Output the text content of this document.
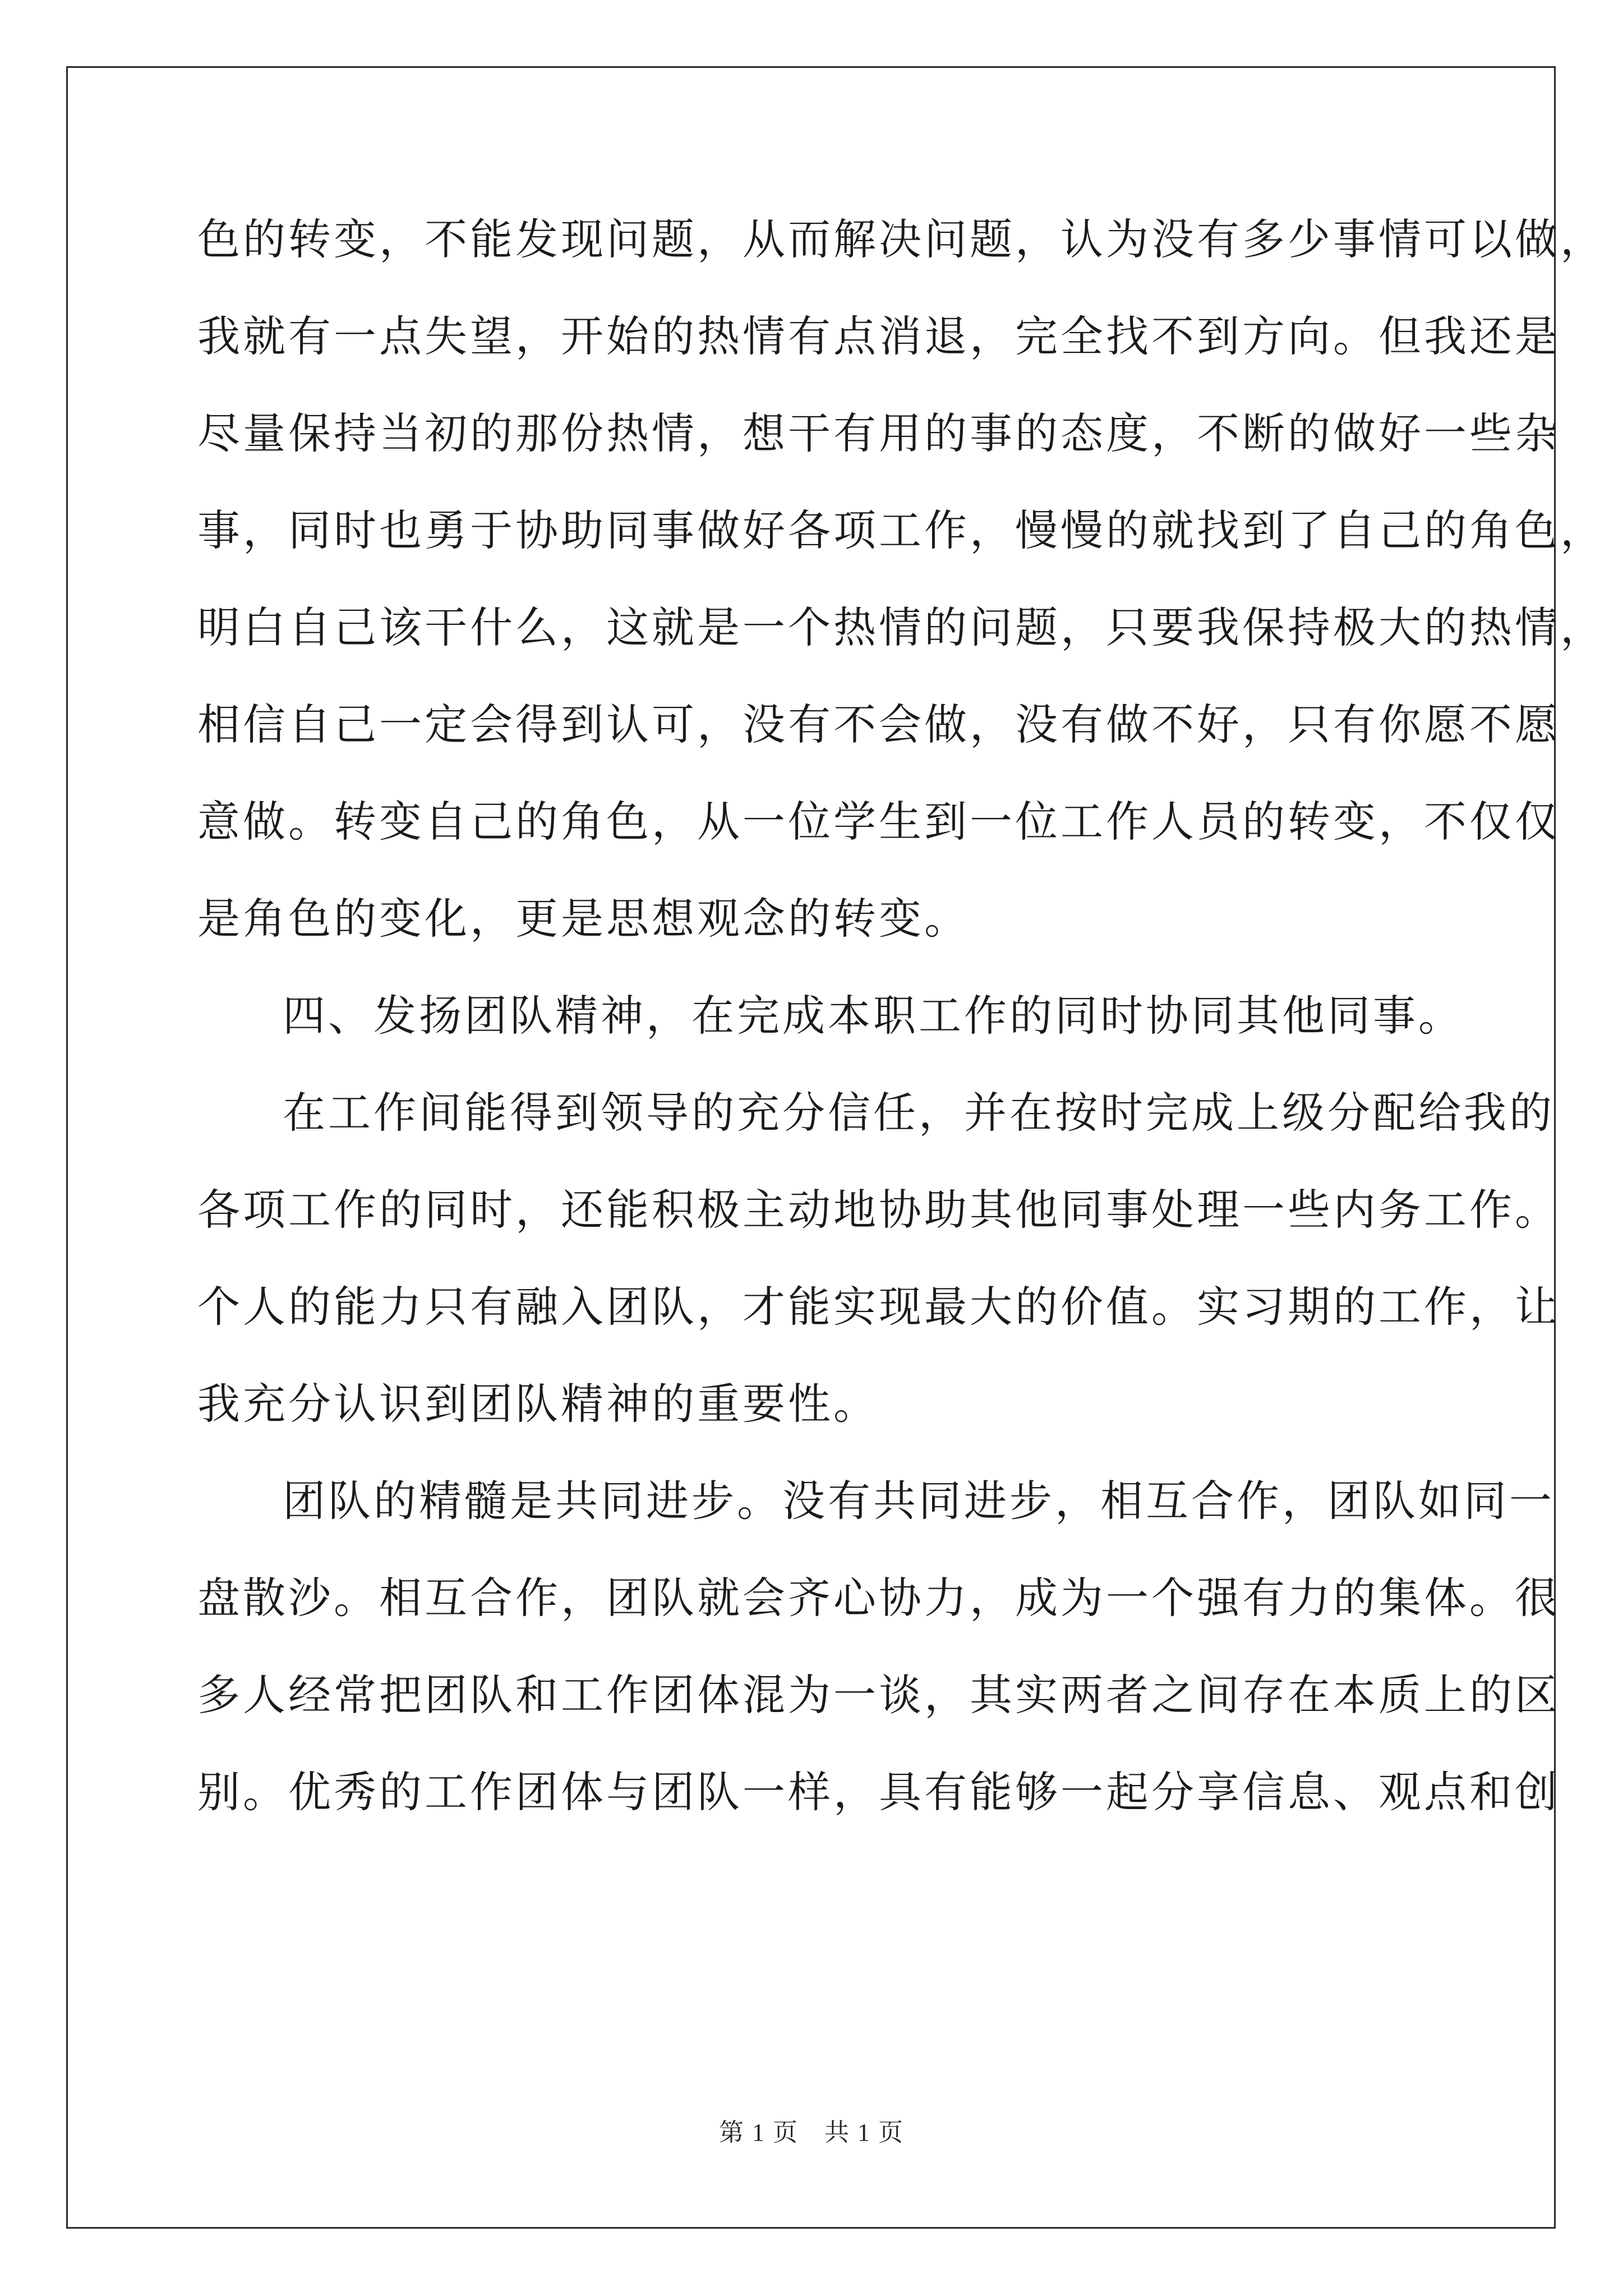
色的转变，不能发现问题，从而解决问题，认为没有多少事情可以做，
我就有一点失望，开始的热情有点消退，完全找不到方向。但我还是
尽量保持当初的那份热情，想干有用的事的态度，不断的做好一些杂
事，同时也勇于协助同事做好各项工作，慢慢的就找到了自己的角色，
明白自己该干什么，这就是一个热情的问题，只要我保持极大的热情，
相信自己一定会得到认可，没有不会做，没有做不好，只有你愿不愿
意做。转变自己的角色，从一位学生到一位工作人员的转变，不仅仅
是角色的变化，更是思想观念的转变。
四、发扬团队精神，在完成本职工作的同时协同其他同事。
在工作间能得到领导的充分信任，并在按时完成上级分配给我的
各项工作的同时，还能积极主动地协助其他同事处理一些内务工作。
个人的能力只有融入团队，才能实现最大的价值。实习期的工作，让
我充分认识到团队精神的重要性。
团队的精髓是共同进步。没有共同进步，相互合作，团队如同一
盘散沙。相互合作，团队就会齐心协力，成为一个强有力的集体。很
多人经常把团队和工作团体混为一谈，其实两者之间存在本质上的区
别。优秀的工作团体与团队一样，具有能够一起分享信息、观点和创
第 1 页　共 1 页
